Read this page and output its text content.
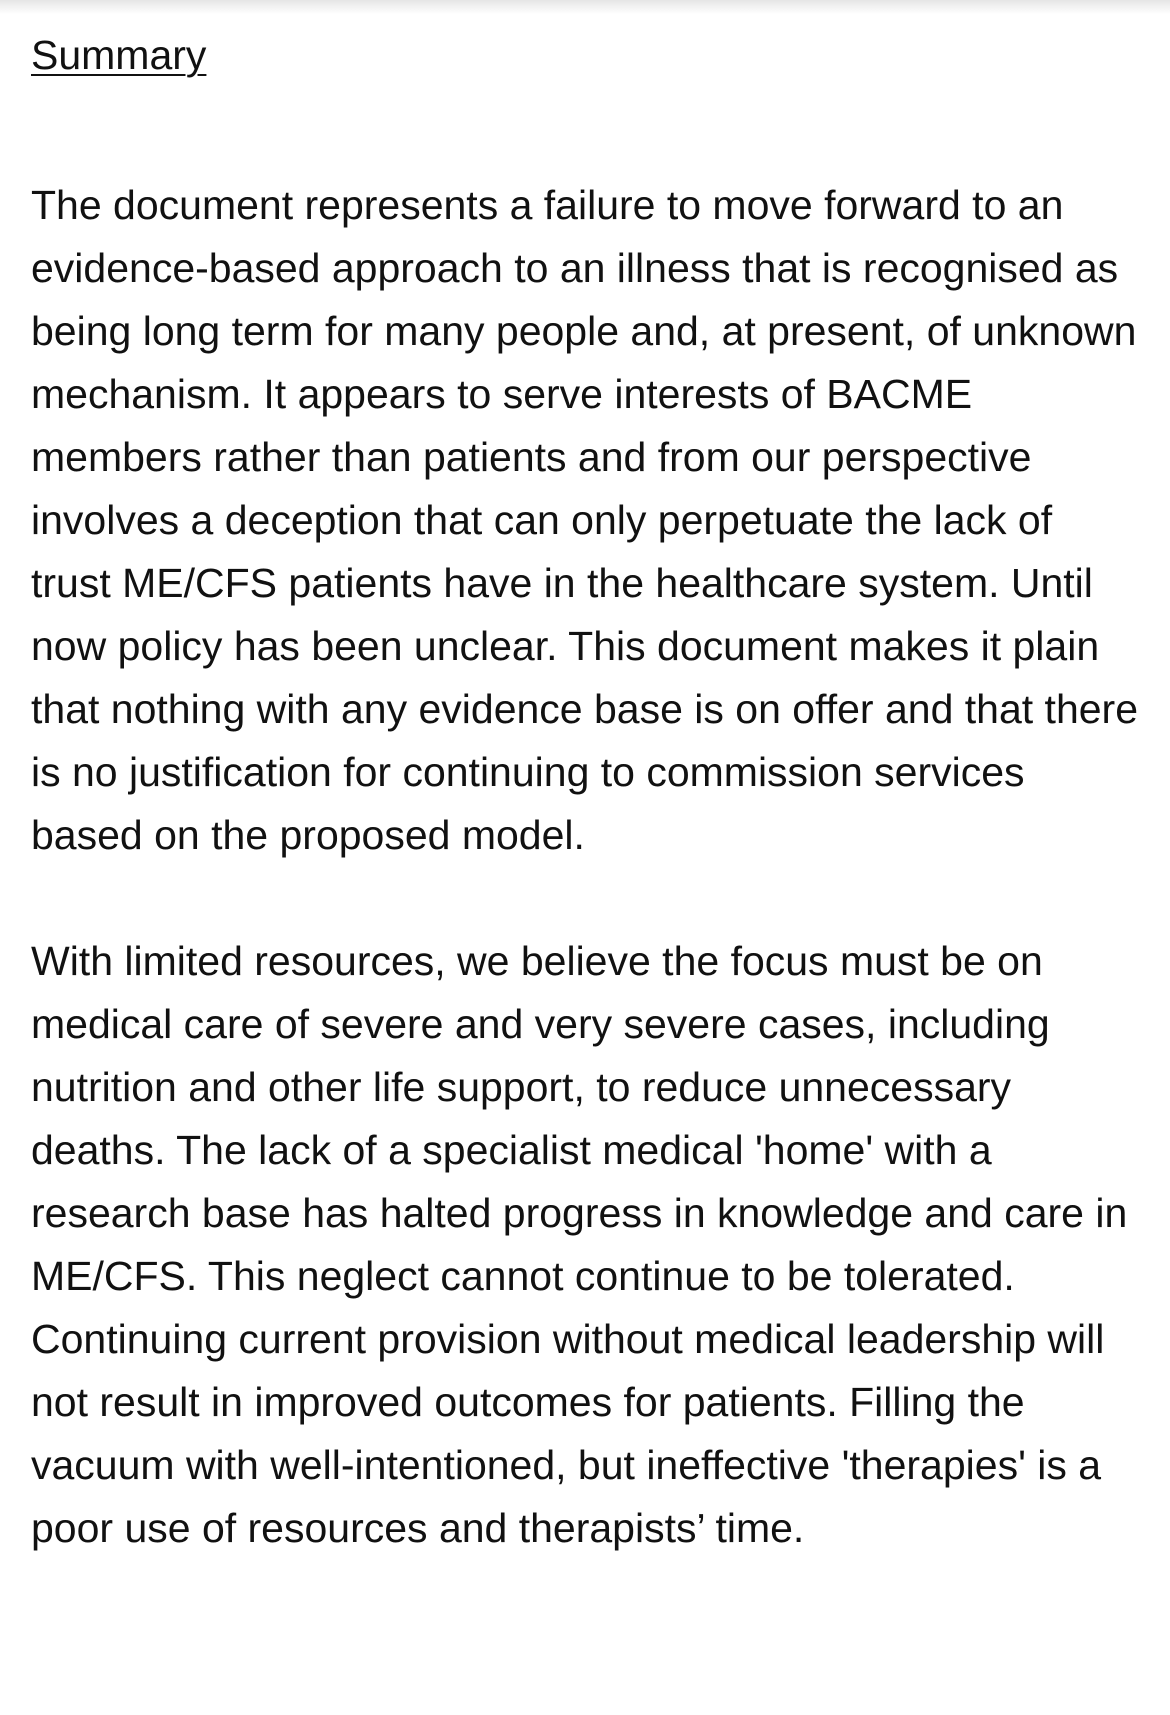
Summary

The document represents a failure to move forward to an evidence-based approach to an illness that is recognised as being long term for many people and, at present, of unknown mechanism. It appears to serve interests of BACME members rather than patients and from our perspective involves a deception that can only perpetuate the lack of trust ME/CFS patients have in the healthcare system. Until now policy has been unclear. This document makes it plain that nothing with any evidence base is on offer and that there is no justification for continuing to commission services based on the proposed model.

With limited resources, we believe the focus must be on medical care of severe and very severe cases, including nutrition and other life support, to reduce unnecessary deaths. The lack of a specialist medical 'home' with a research base has halted progress in knowledge and care in ME/CFS. This neglect cannot continue to be tolerated. Continuing current provision without medical leadership will not result in improved outcomes for patients. Filling the vacuum with well-intentioned, but ineffective 'therapies' is a poor use of resources and therapists’ time.
